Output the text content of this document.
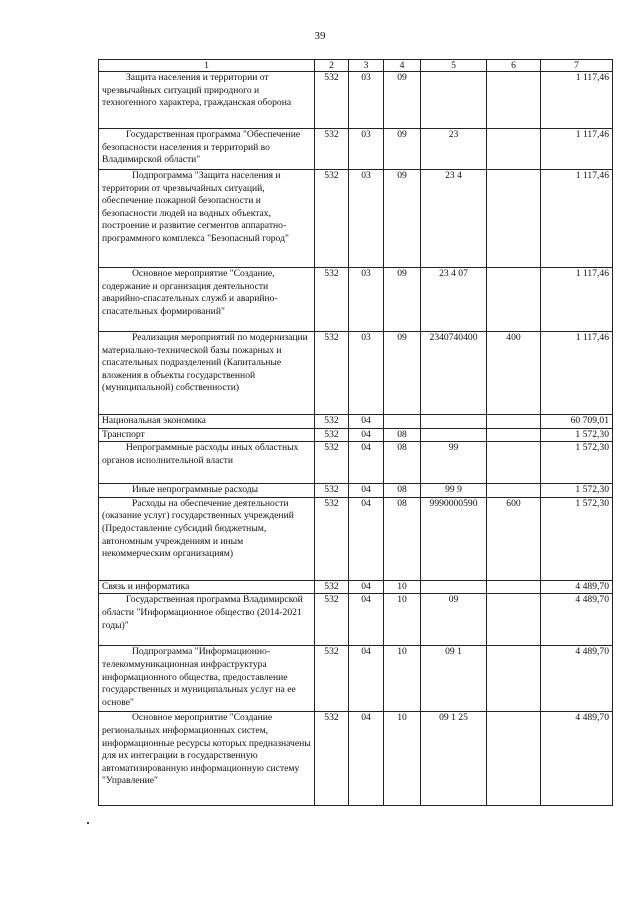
39
1	2	3	4	5	6	7
Защита населения и территории от чрезвычайных ситуаций природного и техногенного характера, гражданская оборона	532	03	09			1 117,46
Государственная программа "Обеспечение безопасности населения и территорий во Владимирской области"	532	03	09	23		1 117,46
Подпрограмма "Защита населения и территории от чрезвычайных ситуаций, обеспечение пожарной безопасности и безопасности людей на водных объектах, построение и развитие сегментов аппаратно-программного комплекса "Безопасный город"	532	03	09	23 4		1 117,46
Основное мероприятие "Создание, содержание и организация деятельности аварийно-спасательных служб и аварийно-спасательных формирований"	532	03	09	23 4 07		1 117,46
Реализация мероприятий по модернизации материально-технической базы пожарных и спасательных подразделений (Капитальные вложения в объекты государственной (муниципальной) собственности)	532	03	09	2340740400	400	1 117,46
Национальная экономика	532	04				60 709,01
Транспорт	532	04	08			1 572,30
Непрограммные расходы иных областных органов исполнительной власти	532	04	08	99		1 572,30
Иные непрограммные расходы	532	04	08	99 9		1 572,30
Расходы на обеспечение деятельности (оказание услуг) государственных учреждений (Предоставление субсидий бюджетным, автономным учреждениям и иным некоммерческим организациям)	532	04	08	9990000590	600	1 572,30
Связь и информатика	532	04	10			4 489,70
Государственная программа Владимирской области "Информационное общество (2014-2021 годы)"	532	04	10	09		4 489,70
Подпрограмма "Информационно-телекоммуникационная инфраструктура информационного общества, предоставление государственных и муниципальных услуг на ее основе"	532	04	10	09 1		4 489,70
Основное мероприятие "Создание региональных информационных систем, информационные ресурсы которых предназначены для их интеграции в государственную автоматизированную информационную систему "Управление"	532	04	10	09 1 25		4 489,70
